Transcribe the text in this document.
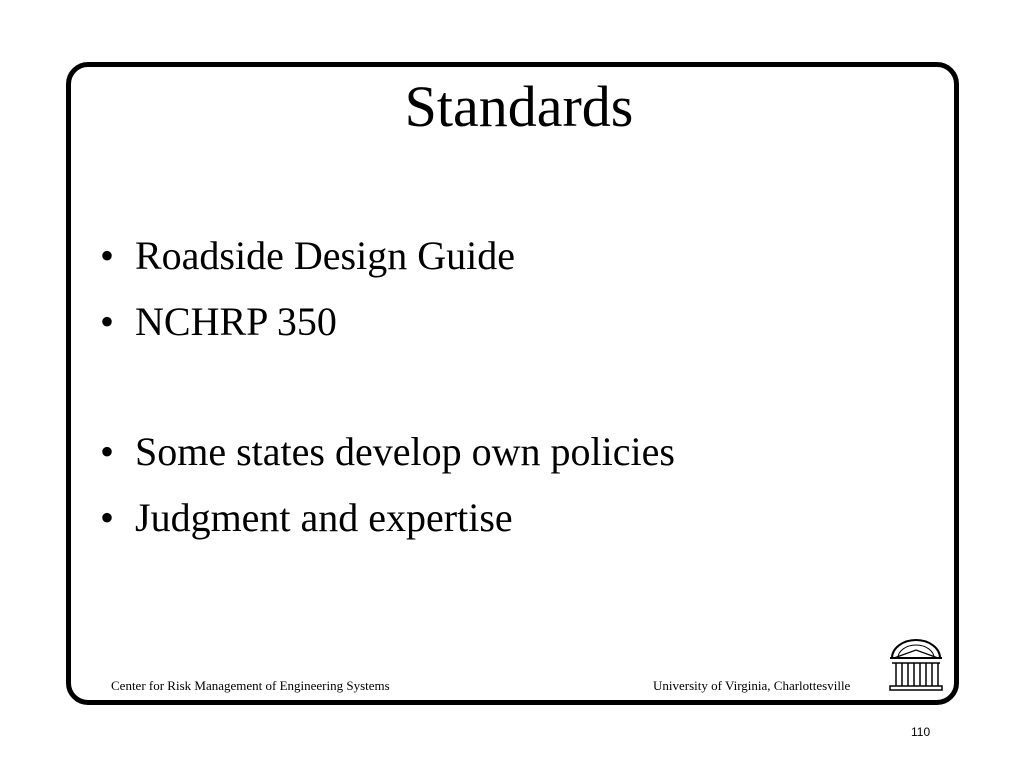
Standards
• Roadside Design Guide
• NCHRP 350
• Some states develop own policies
• Judgment and expertise
Center for Risk Management of Engineering Systems	University of Virginia, Charlottesville
110
